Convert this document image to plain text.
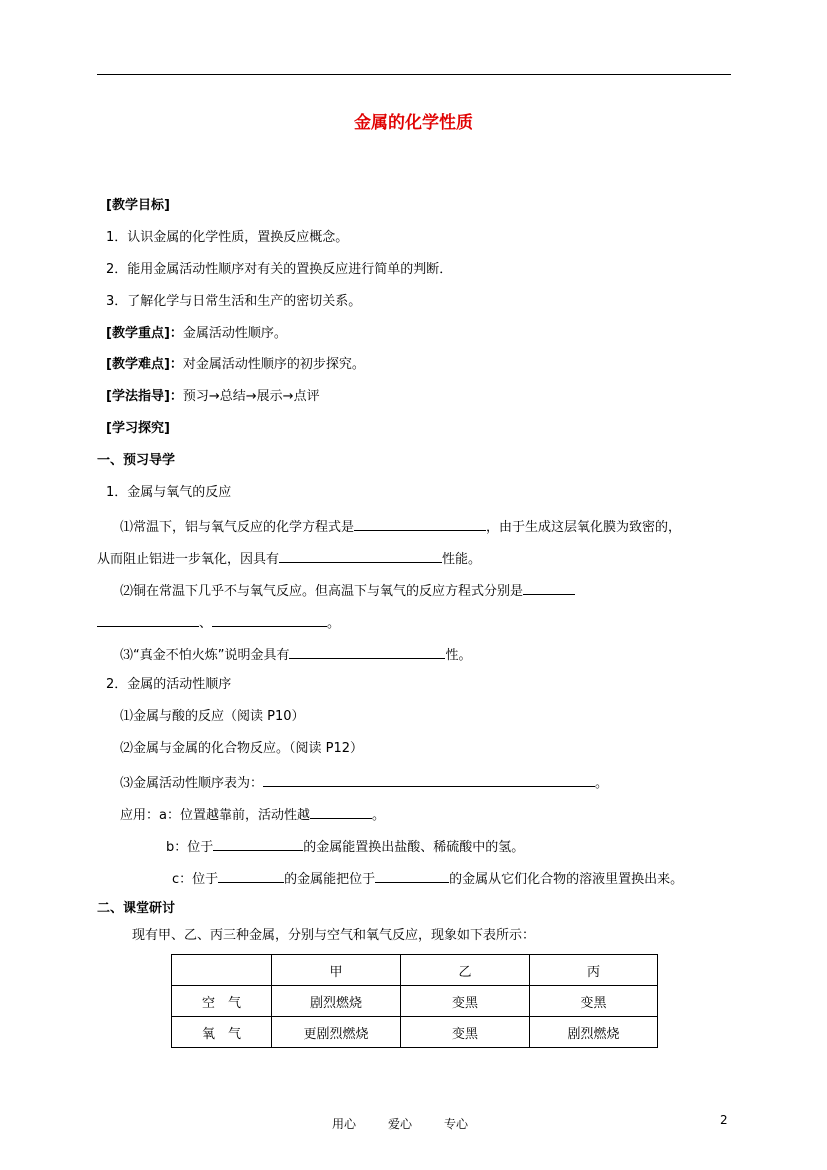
金属的化学性质
[教学目标]
1．认识金属的化学性质，置换反应概念。
2．能用金属活动性顺序对有关的置换反应进行简单的判断．
3．了解化学与日常生活和生产的密切关系。
[教学重点]：金属活动性顺序。
[教学难点]：对金属活动性顺序的初步探究。
[学法指导]：预习→总结→展示→点评
[学习探究]
一、预习导学
1．金属与氧气的反应
⑴常温下，铝与氧气反应的化学方程式是	，由于生成这层氧化膜为致密的，
从而阻止铝进一步氧化，因具有	性能。
⑵铜在常温下几乎不与氧气反应。但高温下与氧气的反应方程式分别是
、	。
⑶“真金不怕火炼”说明金具有	性。
2．金属的活动性顺序
⑴金属与酸的反应（阅读 P10）
⑵金属与金属的化合物反应。（阅读 P12）
⑶金属活动性顺序表为：	。
应用：a：位置越靠前，活动性越	。
b：位于	的金属能置换出盐酸、稀硫酸中的氢。
c：位于	的金属能把位于	的金属从它们化合物的溶液里置换出来。
二、课堂研讨
现有甲、乙、丙三种金属，分别与空气和氧气反应，现象如下表所示：
	甲	乙	丙
空　气	剧烈燃烧	变黑	变黑
氧　气	更剧烈燃烧	变黑	剧烈燃烧
用心	爱心	专心	2
